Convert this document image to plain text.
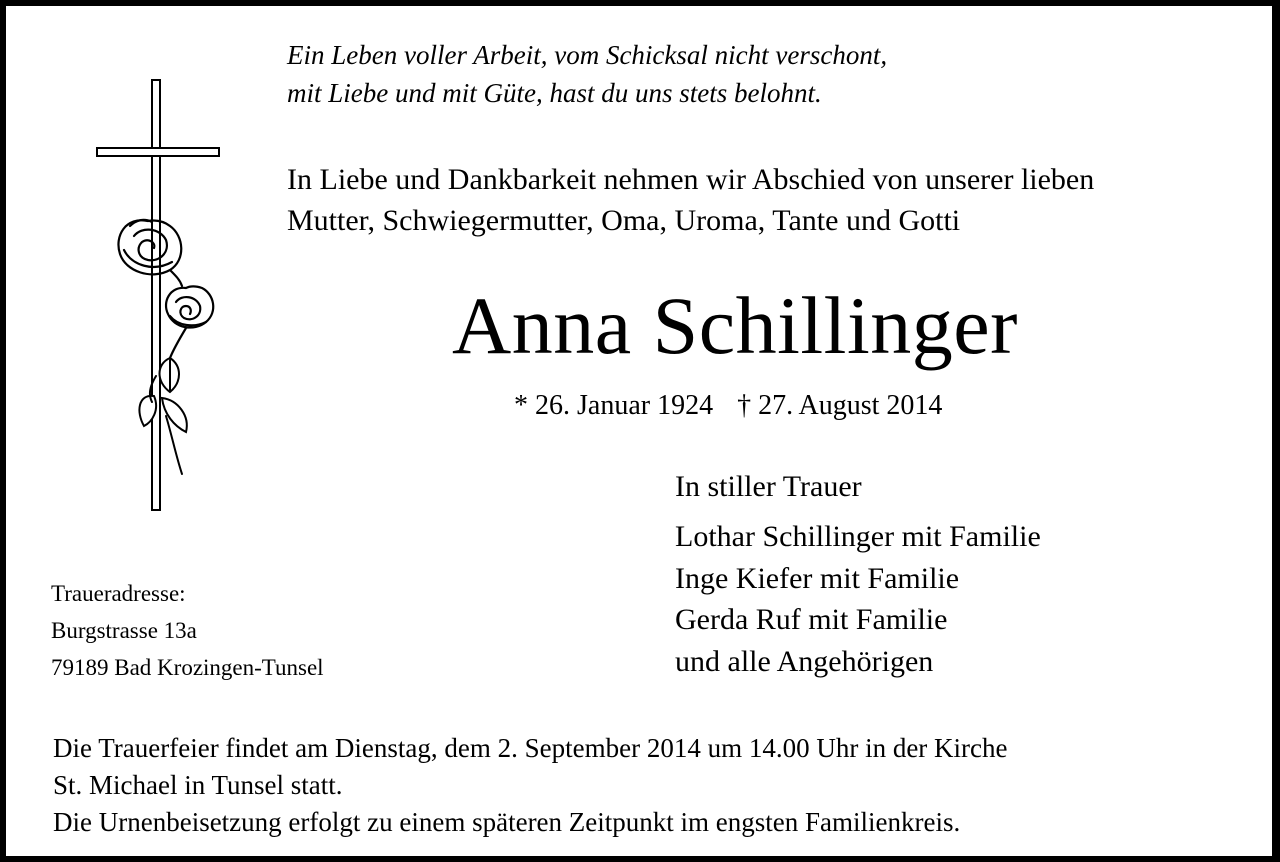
Ein Leben voller Arbeit, vom Schicksal nicht verschont,
mit Liebe und mit Güte, hast du uns stets belohnt.
In Liebe und Dankbarkeit nehmen wir Abschied von unserer lieben
Mutter, Schwiegermutter, Oma, Uroma, Tante und Gotti
Anna Schillinger
* 26. Januar 1924 † 27. August 2014
In stiller Trauer
Lothar Schillinger mit Familie
Inge Kiefer mit Familie
Gerda Ruf mit Familie
und alle Angehörigen
Traueradresse:
Burgstrasse 13a
79189 Bad Krozingen-Tunsel
Die Trauerfeier findet am Dienstag, dem 2. September 2014 um 14.00 Uhr in der Kirche
St. Michael in Tunsel statt.
Die Urnenbeisetzung erfolgt zu einem späteren Zeitpunkt im engsten Familienkreis.
